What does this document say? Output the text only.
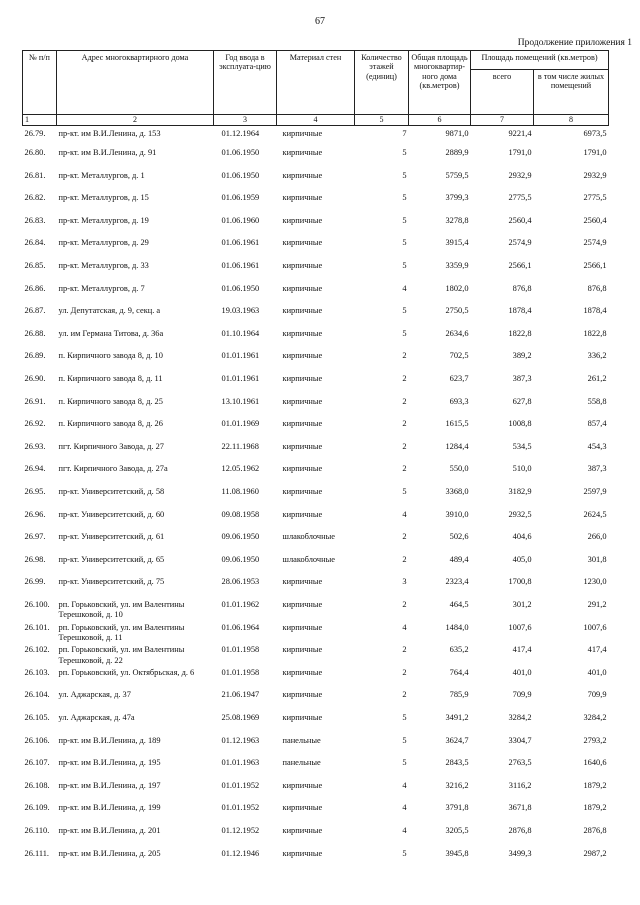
67
Продолжение приложения 1
№ п/п	Адрес многоквартирного дома	Год ввода в эксплуата-цию	Материал стен	Количество этажей (единиц)	Общая площадь многоквартир-ного дома (кв.метров)	Площадь помещений (кв.метров)	
						всего	в том числе жилых помещений
1	2	3	4	5	6	7	8
26.79.	пр-кт. им В.И.Ленина, д. 153	01.12.1964	кирпичные	7	9871,0	9221,4	6973,5
26.80.	пр-кт. им В.И.Ленина, д. 91	01.06.1950	кирпичные	5	2889,9	1791,0	1791,0
26.81.	пр-кт. Металлургов, д. 1	01.06.1950	кирпичные	5	5759,5	2932,9	2932,9
26.82.	пр-кт. Металлургов, д. 15	01.06.1959	кирпичные	5	3799,3	2775,5	2775,5
26.83.	пр-кт. Металлургов, д. 19	01.06.1960	кирпичные	5	3278,8	2560,4	2560,4
26.84.	пр-кт. Металлургов, д. 29	01.06.1961	кирпичные	5	3915,4	2574,9	2574,9
26.85.	пр-кт. Металлургов, д. 33	01.06.1961	кирпичные	5	3359,9	2566,1	2566,1
26.86.	пр-кт. Металлургов, д. 7	01.06.1950	кирпичные	4	1802,0	876,8	876,8
26.87.	ул. Депутатская, д. 9, секц. а	19.03.1963	кирпичные	5	2750,5	1878,4	1878,4
26.88.	ул. им Германа Титова, д. 36а	01.10.1964	кирпичные	5	2634,6	1822,8	1822,8
26.89.	п. Кирпичного завода 8, д. 10	01.01.1961	кирпичные	2	702,5	389,2	336,2
26.90.	п. Кирпичного завода 8, д. 11	01.01.1961	кирпичные	2	623,7	387,3	261,2
26.91.	п. Кирпичного завода 8, д. 25	13.10.1961	кирпичные	2	693,3	627,8	558,8
26.92.	п. Кирпичного завода 8, д. 26	01.01.1969	кирпичные	2	1615,5	1008,8	857,4
26.93.	пгт. Кирпичного Завода, д. 27	22.11.1968	кирпичные	2	1284,4	534,5	454,3
26.94.	пгт. Кирпичного Завода, д. 27а	12.05.1962	кирпичные	2	550,0	510,0	387,3
26.95.	пр-кт. Университетский, д. 58	11.08.1960	кирпичные	5	3368,0	3182,9	2597,9
26.96.	пр-кт. Университетский, д. 60	09.08.1958	кирпичные	4	3910,0	2932,5	2624,5
26.97.	пр-кт. Университетский, д. 61	09.06.1950	шлакоблочные	2	502,6	404,6	266,0
26.98.	пр-кт. Университетский, д. 65	09.06.1950	шлакоблочные	2	489,4	405,0	301,8
26.99.	пр-кт. Университетский, д. 75	28.06.1953	кирпичные	3	2323,4	1700,8	1230,0
26.100.	рп. Горьковский, ул. им Валентины Терешковой, д. 10	01.01.1962	кирпичные	2	464,5	301,2	291,2
26.101.	рп. Горьковский, ул. им Валентины Терешковой, д. 11	01.06.1964	кирпичные	4	1484,0	1007,6	1007,6
26.102.	рп. Горьковский, ул. им Валентины Терешковой, д. 22	01.01.1958	кирпичные	2	635,2	417,4	417,4
26.103.	рп. Горьковский, ул. Октябрьская, д. 6	01.01.1958	кирпичные	2	764,4	401,0	401,0
26.104.	ул. Аджарская, д. 37	21.06.1947	кирпичные	2	785,9	709,9	709,9
26.105.	ул. Аджарская, д. 47а	25.08.1969	кирпичные	5	3491,2	3284,2	3284,2
26.106.	пр-кт. им В.И.Ленина, д. 189	01.12.1963	панельные	5	3624,7	3304,7	2793,2
26.107.	пр-кт. им В.И.Ленина, д. 195	01.01.1963	панельные	5	2843,5	2763,5	1640,6
26.108.	пр-кт. им В.И.Ленина, д. 197	01.01.1952	кирпичные	4	3216,2	3116,2	1879,2
26.109.	пр-кт. им В.И.Ленина, д. 199	01.01.1952	кирпичные	4	3791,8	3671,8	1879,2
26.110.	пр-кт. им В.И.Ленина, д. 201	01.12.1952	кирпичные	4	3205,5	2876,8	2876,8
26.111.	пр-кт. им В.И.Ленина, д. 205	01.12.1946	кирпичные	5	3945,8	3499,3	2987,2
